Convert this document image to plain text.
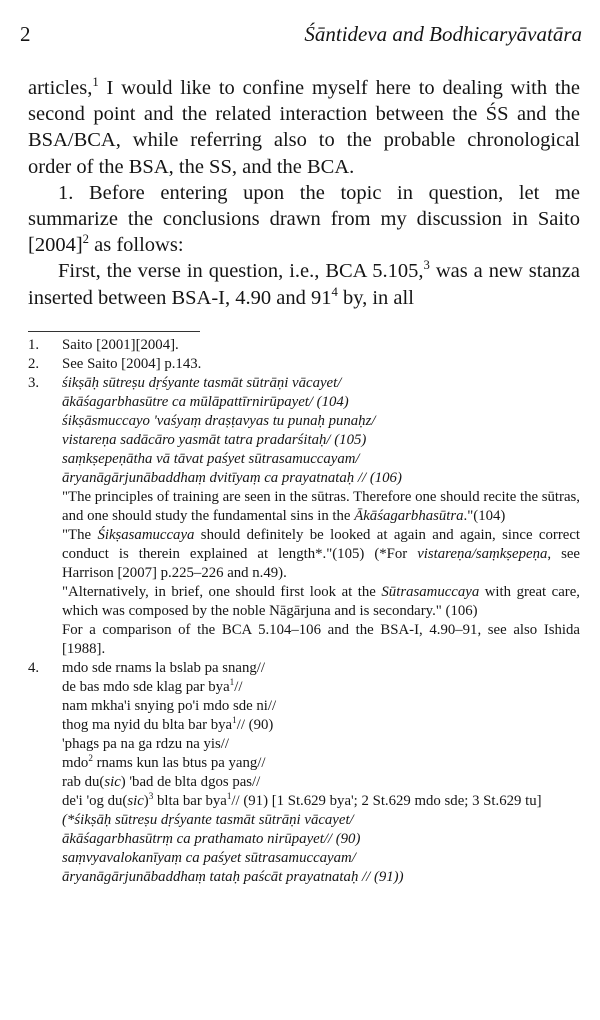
2	Śāntideva and Bodhicaryāvatāra

articles,$^1$ I would like to confine myself here to dealing with the second point and the related interaction between the ŚS and the BSA/BCA, while referring also to the probable chronological order of the BSA, the SS, and the BCA.

1. Before entering upon the topic in question, let me summarize the conclusions drawn from my discussion in Saito $[2004]^2$ as follows:

First, the verse in question, i.e., BCA 5.105,$^3$ was a new stanza inserted between BSA-I, 4.90 and $91^4$ by, in all

1.	Saito [2001][2004].
2.	See Saito [2004] p.143.
3.	śikṣāḥ sūtreṣu dṛśyante tasmāt sūtrāṇi vācayet/
ākāśagarbhasūtre ca mūlāpattīrnirūpayet/ (104)
śikṣāsmuccayo 'vaśyaṃ draṣṭavyas tu punaḥ punaḥz/
vistareṇa sadācāro yasmāt tatra pradarśitaḥ/ (105)
saṃkṣepeṇātha vā tāvat paśyet sūtrasamuccayam/
āryanāgārjunābaddhaṃ dvitīyaṃ ca prayatnataḥ // (106)
"The principles of training are seen in the sūtras. Therefore one should recite the sūtras, and one should study the fundamental sins in the Ākāśagarbhasūtra."(104)
"The Śikṣasamuccaya should definitely be looked at again and again, since correct conduct is therein explained at length*."(105) (*For vistareṇa/saṃkṣepeṇa, see Harrison [2007] p.225–226 and n.49).
"Alternatively, in brief, one should first look at the Sūtrasamuccaya with great care, which was composed by the noble Nāgārjuna and is secondary." (106)
For a comparison of the BCA 5.104–106 and the BSA-I, 4.90–91, see also Ishida [1988].
4.	mdo sde rnams la bslab pa snang//
de bas mdo sde klag par bya$^1$//
nam mkha'i snying po'i mdo sde ni//
thog ma nyid du blta bar bya$^1$// (90)
'phags pa na ga rdzu na yis//
mdo$^2$ rnams kun las btus pa yang//
rab du(sic) 'bad de blta dgos pas//
de'i 'og du(sic)$^3$ blta bar bya$^1$// (91) [1 St.629 bya'; 2 St.629 mdo sde; 3 St.629 tu]
(*śikṣāḥ sūtreṣu dṛśyante tasmāt sūtrāṇi vācayet/
ākāśagarbhasūtrṃ ca prathamato nirūpayet// (90)
saṃvyavalokanīyaṃ ca paśyet sūtrasamuccayam/
āryanāgārjunābaddhaṃ tataḥ paścāt prayatnataḥ // (91))
